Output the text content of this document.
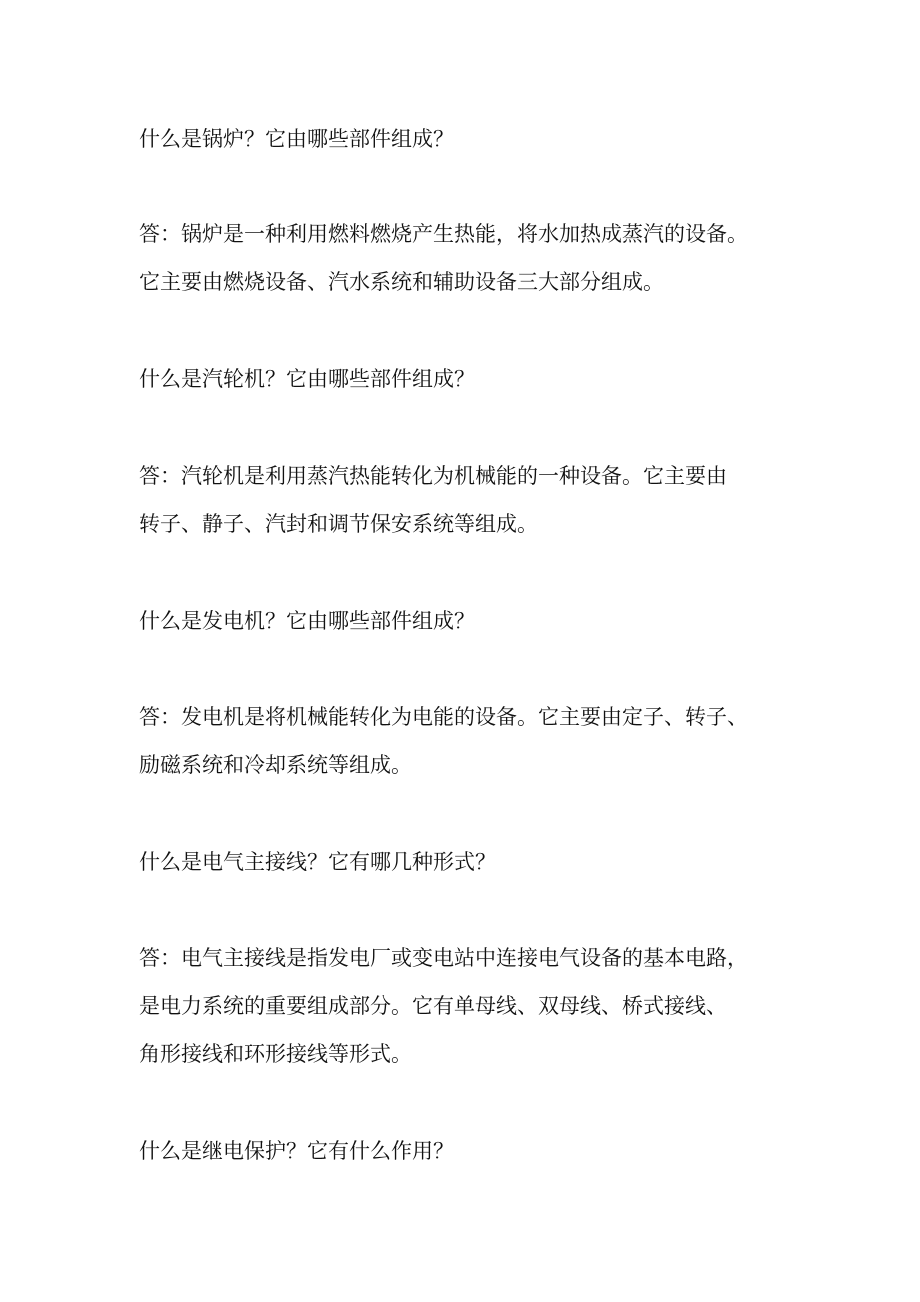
什么是锅炉？它由哪些部件组成？

答：锅炉是一种利用燃料燃烧产生热能，将水加热成蒸汽的设备。
它主要由燃烧设备、汽水系统和辅助设备三大部分组成。

什么是汽轮机？它由哪些部件组成？

答：汽轮机是利用蒸汽热能转化为机械能的一种设备。它主要由
转子、静子、汽封和调节保安系统等组成。

什么是发电机？它由哪些部件组成？

答：发电机是将机械能转化为电能的设备。它主要由定子、转子、
励磁系统和冷却系统等组成。

什么是电气主接线？它有哪几种形式？

答：电气主接线是指发电厂或变电站中连接电气设备的基本电路，
是电力系统的重要组成部分。它有单母线、双母线、桥式接线、
角形接线和环形接线等形式。

什么是继电保护？它有什么作用？
